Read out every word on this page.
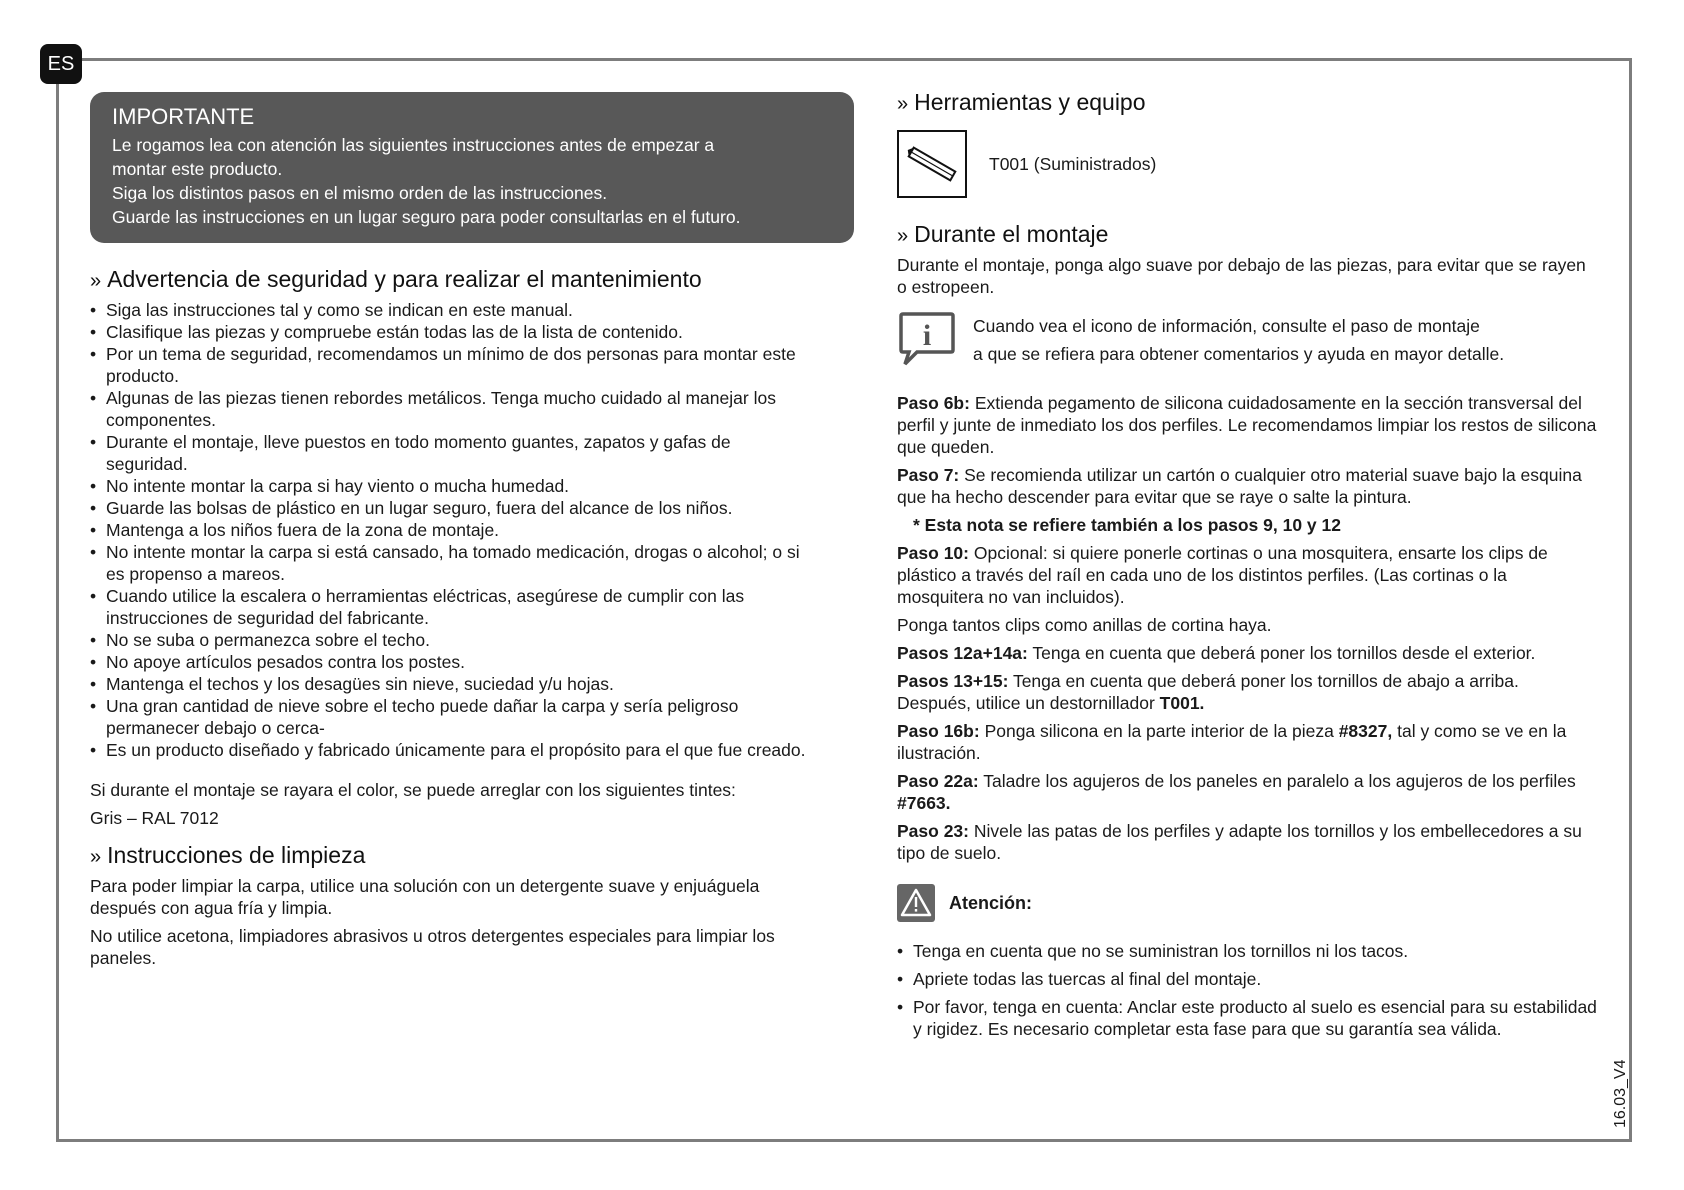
ES
IMPORTANTE
Le rogamos lea con atención las siguientes instrucciones antes de empezar a
montar este producto.
Siga los distintos pasos en el mismo orden de las instrucciones.
Guarde las instrucciones en un lugar seguro para poder consultarlas en el futuro.
» Advertencia de seguridad y para realizar el mantenimiento
• Siga las instrucciones tal y como se indican en este manual.
• Clasifique las piezas y compruebe están todas las de la lista de contenido.
• Por un tema de seguridad, recomendamos un mínimo de dos personas para montar este producto.
• Algunas de las piezas tienen rebordes metálicos. Tenga mucho cuidado al manejar los componentes.
• Durante el montaje, lleve puestos en todo momento guantes, zapatos y gafas de seguridad.
• No intente montar la carpa si hay viento o mucha humedad.
• Guarde las bolsas de plástico en un lugar seguro, fuera del alcance de los niños.
• Mantenga a los niños fuera de la zona de montaje.
• No intente montar la carpa si está cansado, ha tomado medicación, drogas o alcohol; o si es propenso a mareos.
• Cuando utilice la escalera o herramientas eléctricas, asegúrese de cumplir con las instrucciones de seguridad del fabricante.
• No se suba o permanezca sobre el techo.
• No apoye artículos pesados contra los postes.
• Mantenga el techos y los desagües sin nieve, suciedad y/u hojas.
• Una gran cantidad de nieve sobre el techo puede dañar la carpa y sería peligroso permanecer debajo o cerca-
• Es un producto diseñado y fabricado únicamente para el propósito para el que fue creado.

Si durante el montaje se rayara el color, se puede arreglar con los siguientes tintes:

Gris – RAL 7012

» Instrucciones de limpieza

Para poder limpiar la carpa, utilice una solución con un detergente suave y enjuáguela después con agua fría y limpia.

No utilice acetona, limpiadores abrasivos u otros detergentes especiales para limpiar los paneles.

» Herramientas y equipo
T001 (Suministrados)
» Durante el montaje

Durante el montaje, ponga algo suave por debajo de las piezas, para evitar que se rayen o estropeen.

i Cuando vea el icono de información, consulte el paso de montaje
a que se refiera para obtener comentarios y ayuda en mayor detalle.

Paso 6b: Extienda pegamento de silicona cuidadosamente en la sección transversal del perfil y junte de inmediato los dos perfiles. Le recomendamos limpiar los restos de silicona que queden.

Paso 7: Se recomienda utilizar un cartón o cualquier otro material suave bajo la esquina que ha hecho descender para evitar que se raye o salte la pintura.

* Esta nota se refiere también a los pasos 9, 10 y 12

Paso 10: Opcional: si quiere ponerle cortinas o una mosquitera, ensarte los clips de plástico a través del raíl en cada uno de los distintos perfiles. (Las cortinas o la mosquitera no van incluidos).

Ponga tantos clips como anillas de cortina haya.

Pasos 12a+14a: Tenga en cuenta que deberá poner los tornillos desde el exterior.

Pasos 13+15: Tenga en cuenta que deberá poner los tornillos de abajo a arriba. Después, utilice un destornillador T001.

Paso 16b: Ponga silicona en la parte interior de la pieza #8327, tal y como se ve en la ilustración.

Paso 22a: Taladre los agujeros de los paneles en paralelo a los agujeros de los perfiles #7663.

Paso 23: Nivele las patas de los perfiles y adapte los tornillos y los embellecedores a su tipo de suelo.

Atención:
• Tenga en cuenta que no se suministran los tornillos ni los tacos.
• Apriete todas las tuercas al final del montaje.
• Por favor, tenga en cuenta: Anclar este producto al suelo es esencial para su estabilidad y rigidez. Es necesario completar esta fase para que su garantía sea válida.
16.03_V4
